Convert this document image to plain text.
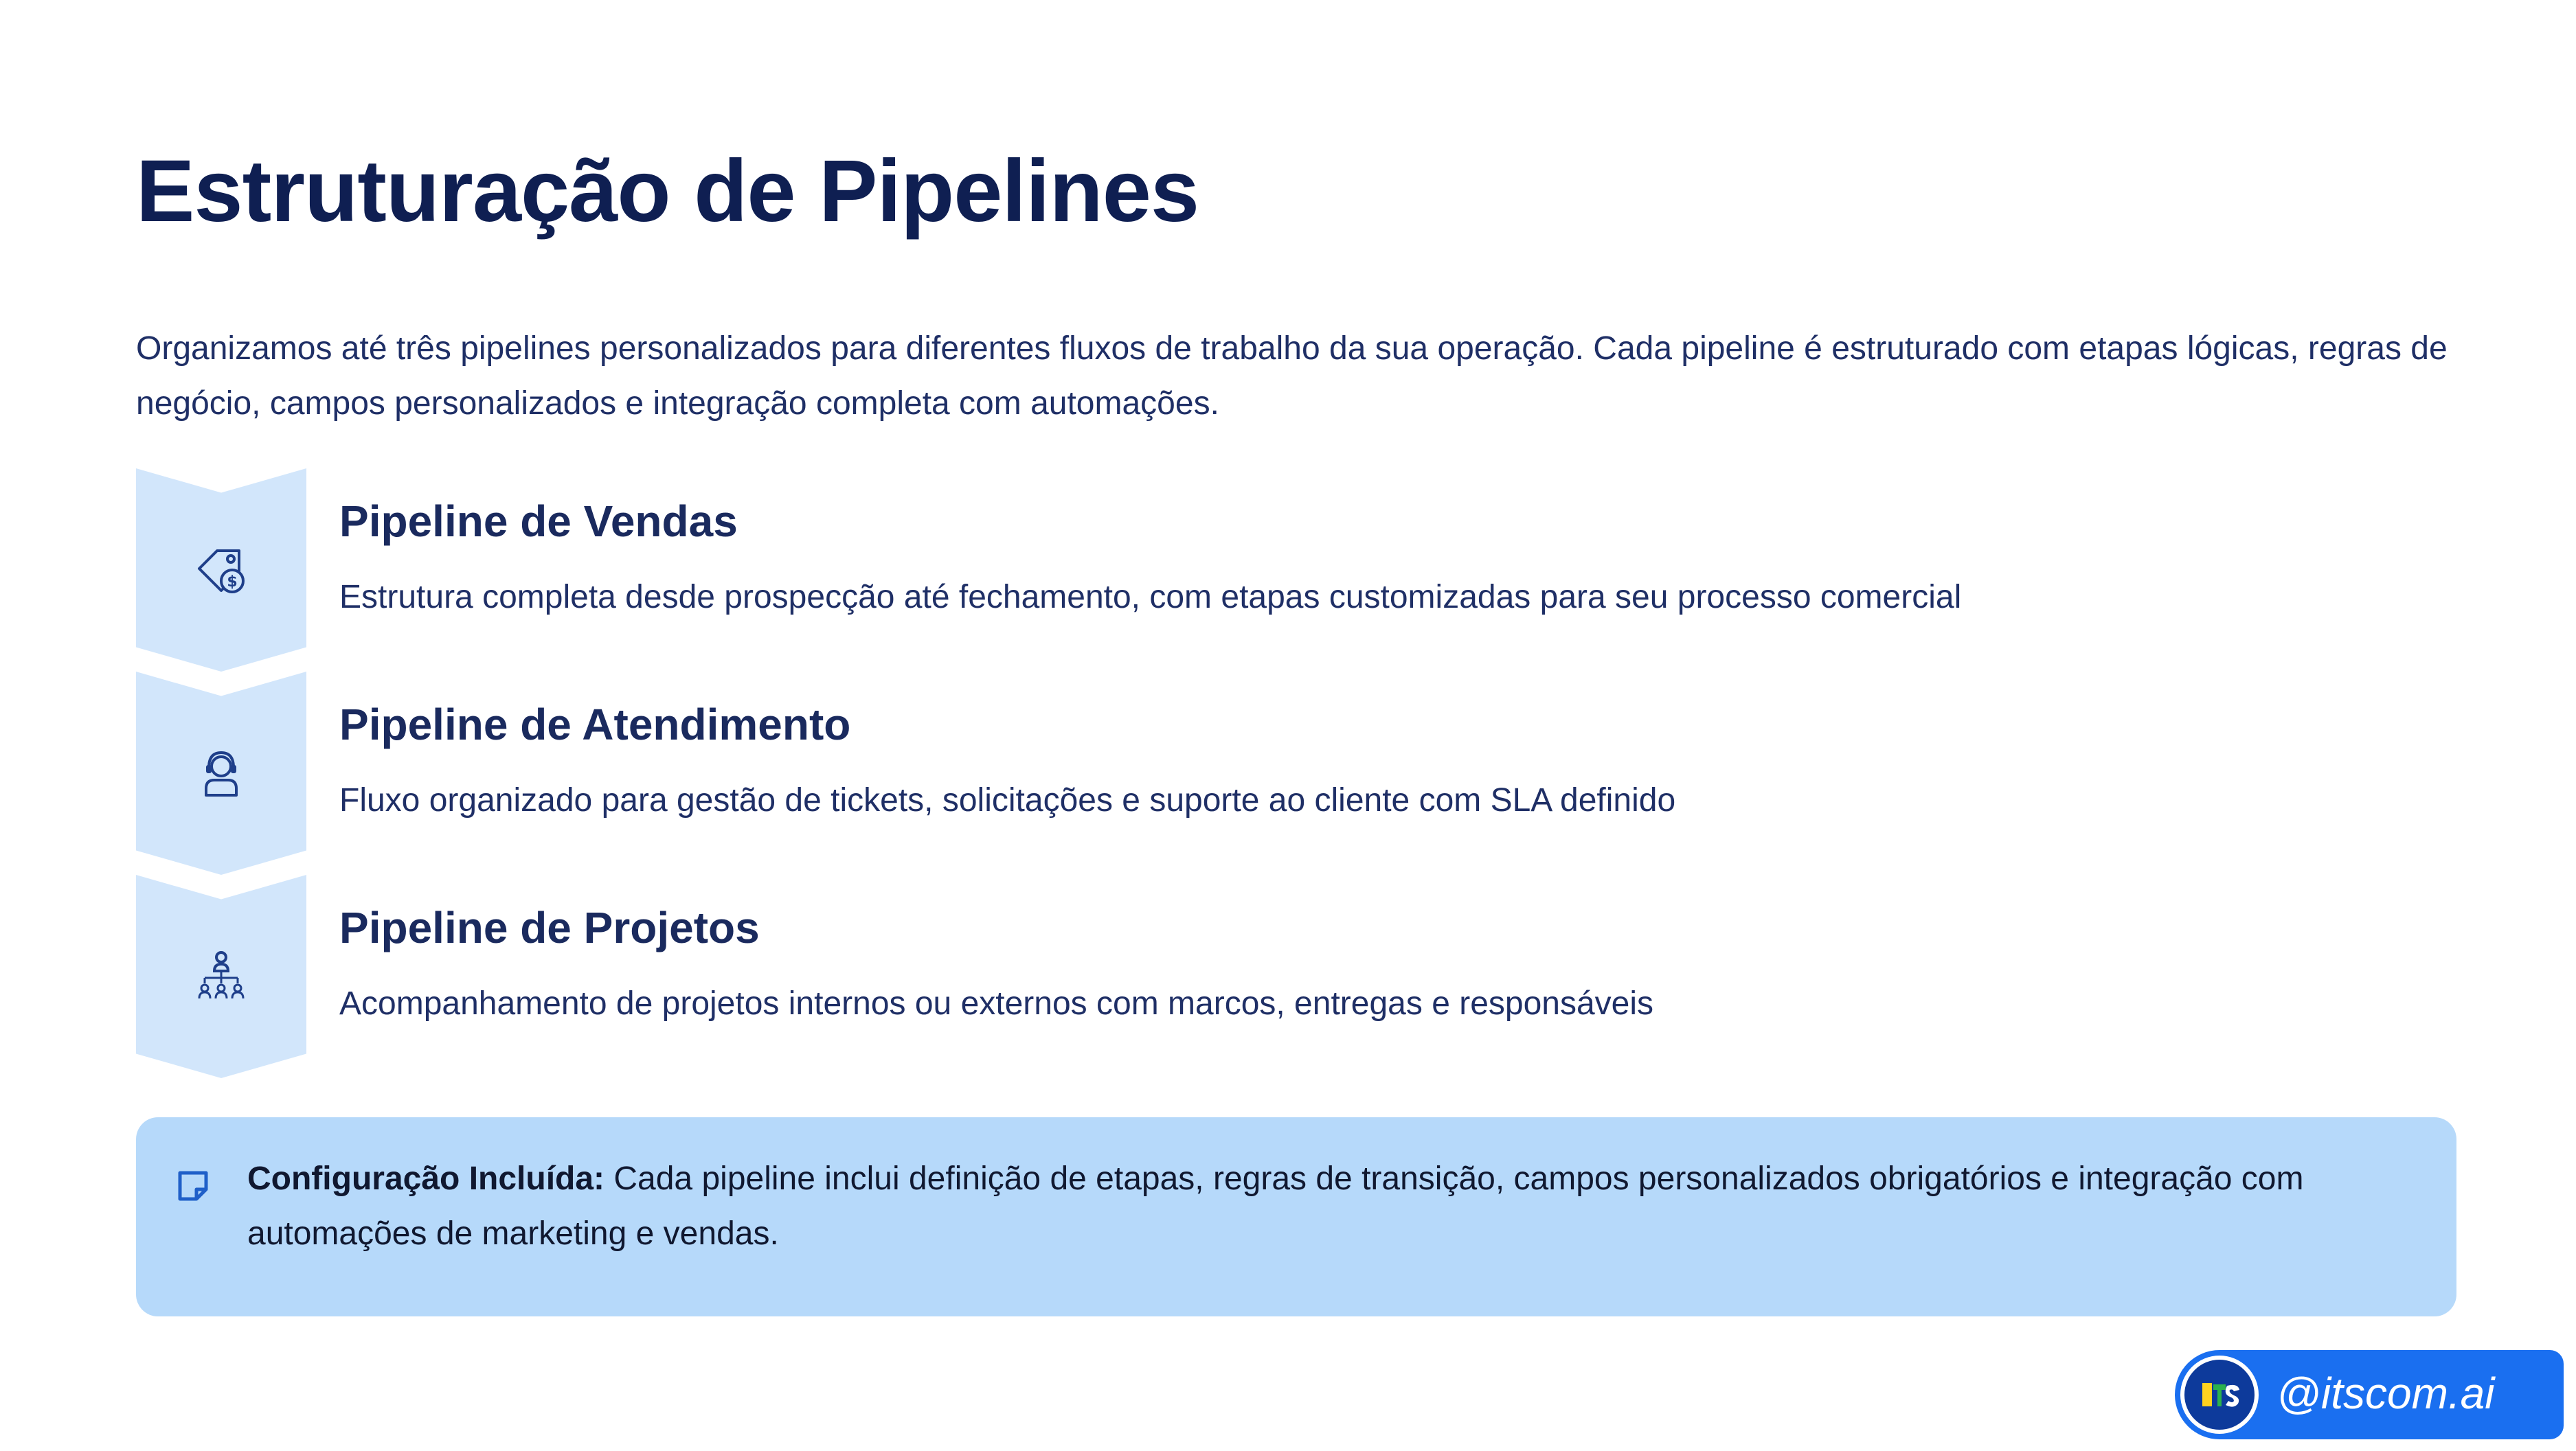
Estruturação de Pipelines
Organizamos até três pipelines personalizados para diferentes fluxos de trabalho da sua operação. Cada pipeline é estruturado com etapas lógicas, regras de negócio, campos personalizados e integração completa com automações.
$
Pipeline de Vendas
Estrutura completa desde prospecção até fechamento, com etapas customizadas para seu processo comercial
Pipeline de Atendimento
Fluxo organizado para gestão de tickets, solicitações e suporte ao cliente com SLA definido
Pipeline de Projetos
Acompanhamento de projetos internos ou externos com marcos, entregas e responsáveis
Configuração Incluída: Cada pipeline inclui definição de etapas, regras de transição, campos personalizados obrigatórios e integração com automações de marketing e vendas.
@itscom.ai
